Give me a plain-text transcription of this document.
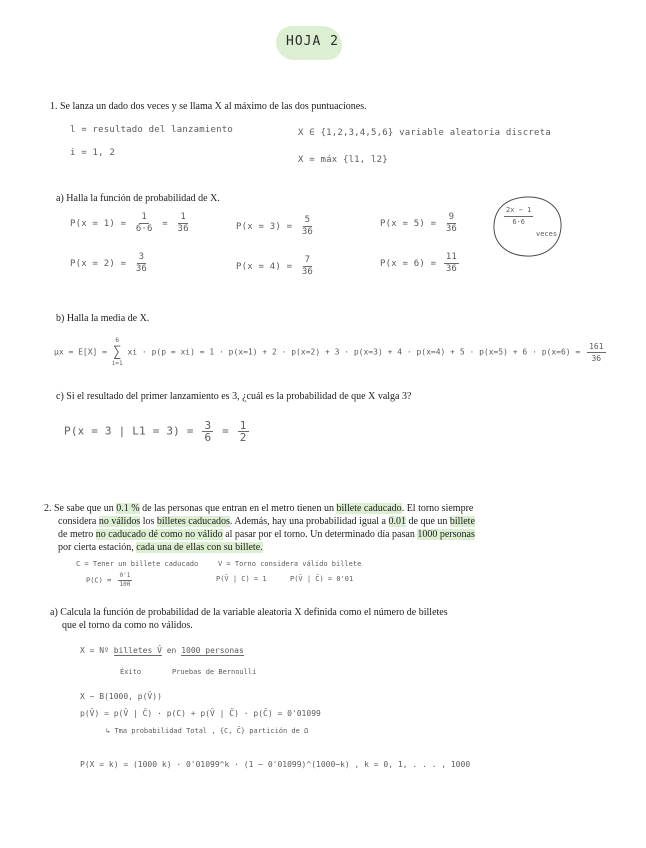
HOJA 2
1. Se lanza un dado dos veces y se llama X al máximo de las dos puntuaciones.
l = resultado del lanzamiento
i = 1, 2
X ∈ {1,2,3,4,5,6} variable aleatoria discreta
X = máx {l1, l2}
a) Halla la función de probabilidad de X.
$P(x = 1) = \frac{1}{6\cdot 6} = \frac{1}{36}$
$P(x = 2) = \frac{3}{36}$
$P(x = 3) = \frac{5}{36}$
$P(x = 4) = \frac{7}{36}$
$P(x = 5) = \frac{9}{36}$
$P(x = 6) = \frac{11}{36}$
$\frac{2x - 1}{6\cdot 6}$
veces
b) Halla la media de X.
μx = E[X] =
6
∑
i=1
xi · $p(p = xi) = 1 \cdot p(x=1) + 2 \cdot p(x=2) + 3 \cdot p(x=3) + 4 \cdot p(x=4) + 5 \cdot p(x=5) + 6 \cdot p(x=6) = \frac{161}{36}$
c) Si el resultado del primer lanzamiento es 3, ¿cuál es la probabilidad de que X valga 3?
P(x = 3 | $L1 = 3) = \frac{3}{6} = \frac{1}{2}$
2. Se sabe que un 0.1 % de las personas que entran en el metro tienen un billete caducado. El torno siempre
considera no válidos los billetes caducados. Además, hay una probabilidad igual a 0.01 de que un billete
de metro no caducado dé como no válido al pasar por el torno. Un determinado día pasan 1000 personas
por cierta estación, cada una de ellas con su billete.
C = Tener un billete caducado	V = Torno considera válido billete
$P(C) = \frac{0'1}{100}$	P(V̄ | C) = 1	P(V̄ | C̄) = 0'01
a) Calcula la función de probabilidad de la variable aleatoria X definida como el número de billetes
que el torno da como no válidos.
X = Nº billetes V̄ en 1000 personas
Éxito	Pruebas de Bernoulli
X ~ B(1000, p(V̄))
p(V̄) = p(V̄ | C̄) · p(C) + p(V̄ | C̄) · p(C̄) = 0'01099
↳ Tma probabilidad Total , {C, C̄} partición de Ω
P(X = k) = (1000 k) · 0'01099^k · (1 − 0'01099)^(1000−k) , k = 0, 1, . . . , 1000
